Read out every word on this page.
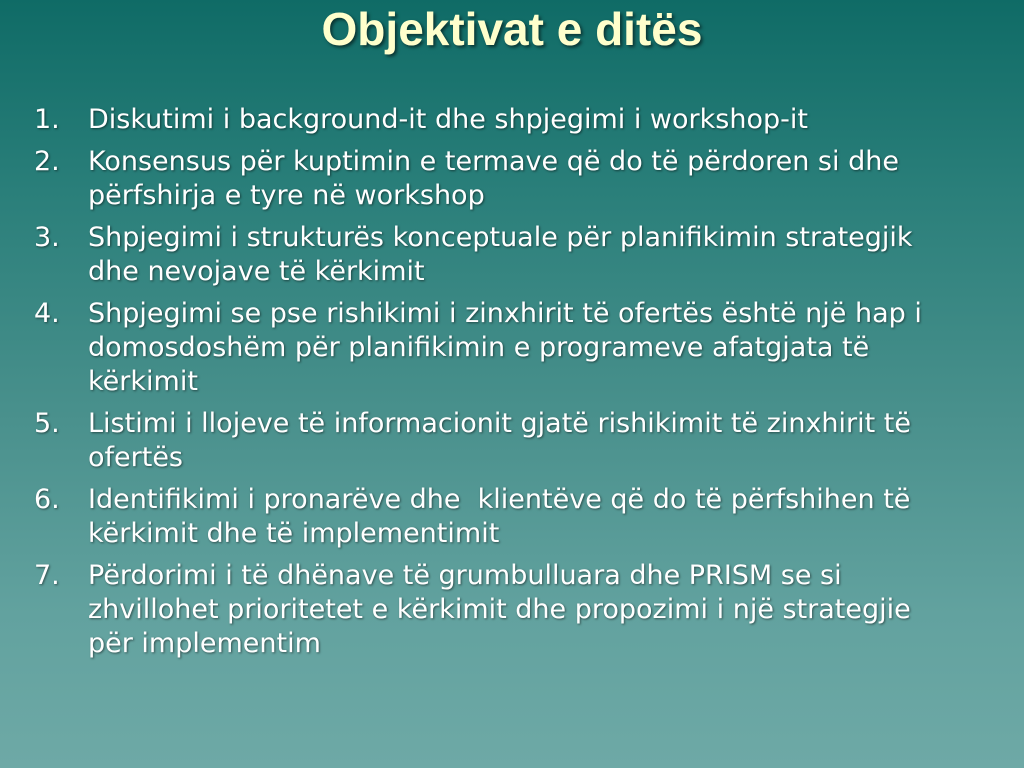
Objektivat e ditës
1.	Diskutimi i background-it dhe shpjegimi i workshop-it
2.	Konsensus për kuptimin e termave që do të përdoren si dhe përfshirja e tyre në workshop
3.	Shpjegimi i strukturës konceptuale për planifikimin strategjik dhe nevojave të kërkimit
4.	Shpjegimi se pse rishikimi i zinxhirit të ofertës është një hap i domosdoshëm për planifikimin e programeve afatgjata të kërkimit
5.	Listimi i llojeve të informacionit gjatë rishikimit të zinxhirit të ofertës
6.	Identifikimi i pronarëve dhe  klientëve që do të përfshihen të kërkimit dhe të implementimit
7.	Përdorimi i të dhënave të grumbulluara dhe PRISM se si zhvillohet prioritetet e kërkimit dhe propozimi i një strategjie për implementim
